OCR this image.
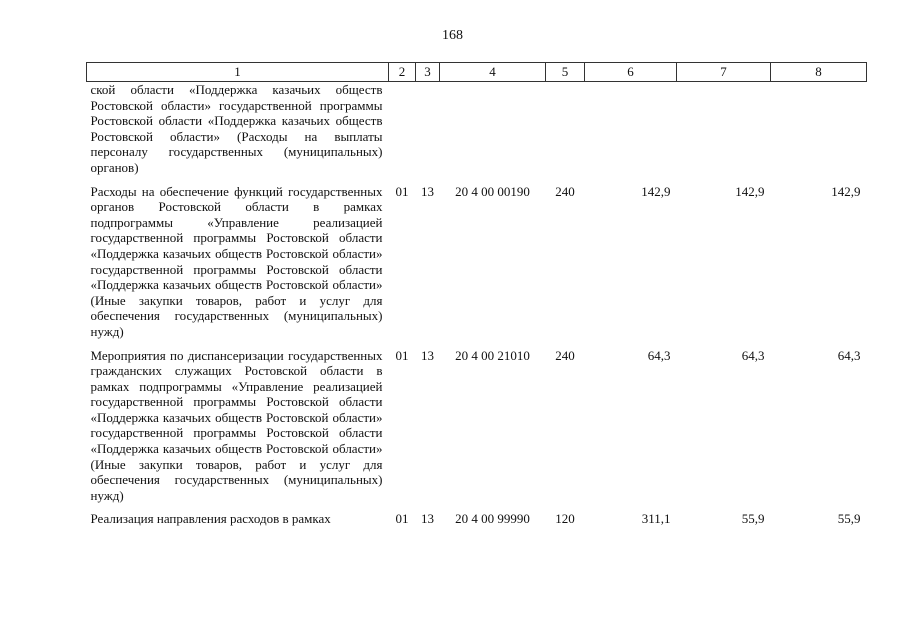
168
1	2	3	4	5	6	7	8
ской области «Поддержка казачьих обществ Ростовской области» государственной программы Ростовской области «Поддержка казачьих обществ Ростовской области» (Расходы на выплаты персоналу государственных (муниципальных) органов)							
Расходы на обеспечение функций государственных органов Ростовской области в рамках подпрограммы «Управление реализацией государственной программы Ростовской области «Поддержка казачьих обществ Ростовской области» государственной программы Ростовской области «Поддержка казачьих обществ Ростовской области» (Иные закупки товаров, работ и услуг для обеспечения государственных (муниципальных) нужд)	01	13	20 4 00 00190	240	142,9	142,9	142,9
Мероприятия по диспансеризации государственных гражданских служащих Ростовской области в рамках подпрограммы «Управление реализацией государственной программы Ростовской области «Поддержка казачьих обществ Ростовской области» государственной программы Ростовской области «Поддержка казачьих обществ Ростовской области» (Иные закупки товаров, работ и услуг для обеспечения государственных (муниципальных) нужд)	01	13	20 4 00 21010	240	64,3	64,3	64,3
Реализация направления расходов в рамках	01	13	20 4 00 99990	120	311,1	55,9	55,9
